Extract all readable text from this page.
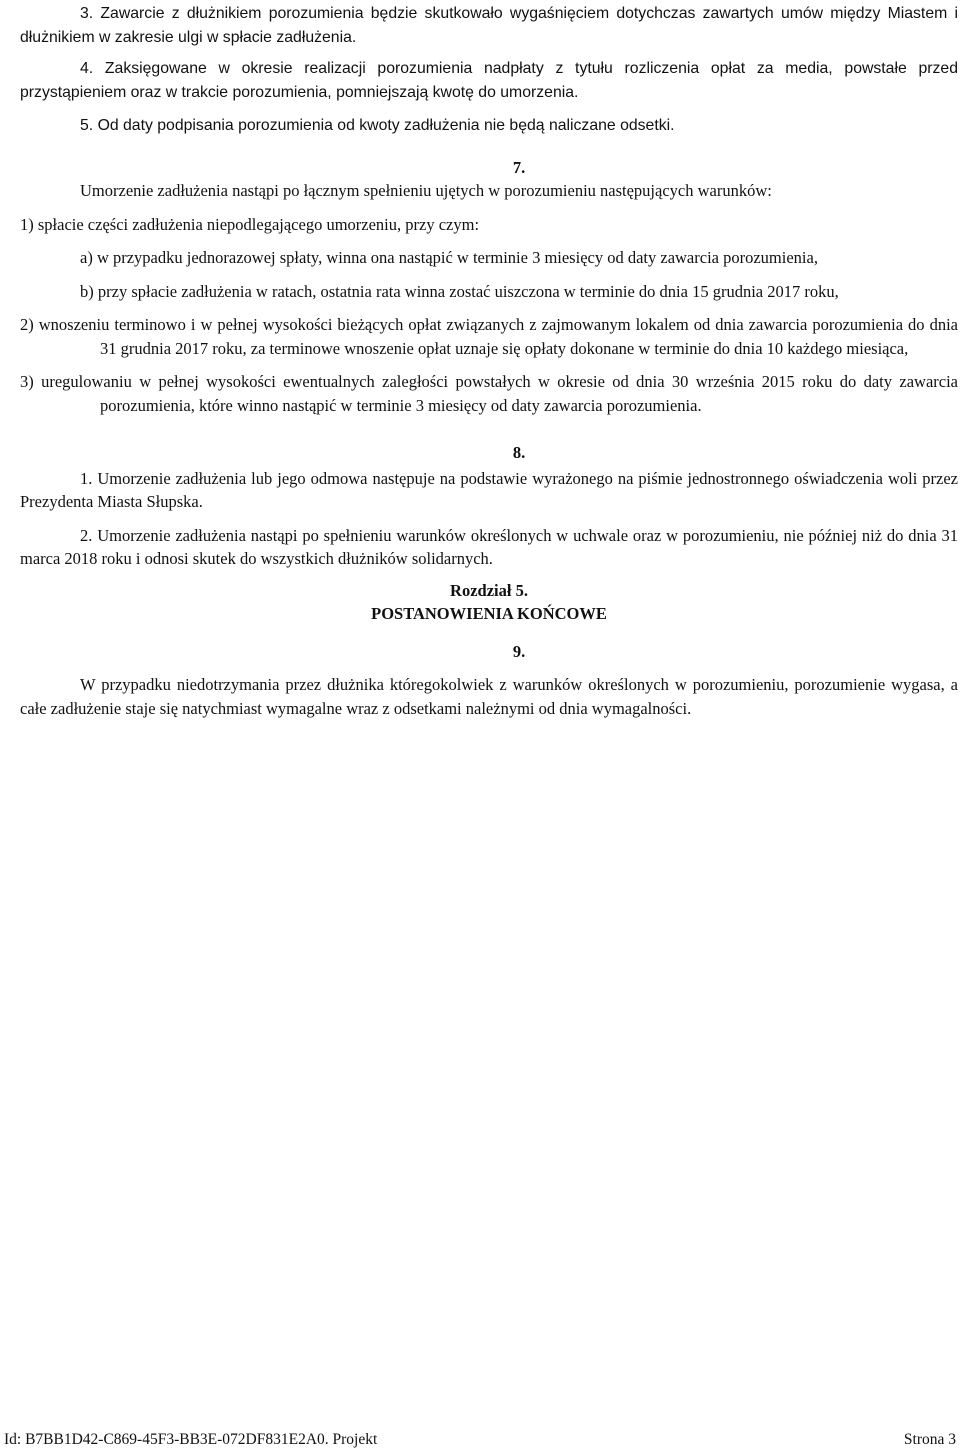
3. Zawarcie z dłużnikiem porozumienia będzie skutkowało wygaśnięciem dotychczas zawartych umów między Miastem i dłużnikiem w zakresie ulgi w spłacie zadłużenia.

4. Zaksięgowane w okresie realizacji porozumienia nadpłaty z tytułu rozliczenia opłat za media, powstałe przed przystąpieniem oraz w trakcie porozumienia, pomniejszają kwotę do umorzenia.

5. Od daty podpisania porozumienia od kwoty zadłużenia nie będą naliczane odsetki.

7.

Umorzenie zadłużenia nastąpi po łącznym spełnieniu ujętych w porozumieniu następujących warunków:

1) spłacie części zadłużenia niepodlegającego umorzeniu, przy czym:

a) w przypadku jednorazowej spłaty, winna ona nastąpić w terminie 3 miesięcy od daty zawarcia porozumienia,

b) przy spłacie zadłużenia w ratach, ostatnia rata winna zostać uiszczona w terminie do dnia 15 grudnia 2017 roku,

2) wnoszeniu terminowo i w pełnej wysokości bieżących opłat związanych z zajmowanym lokalem od dnia zawarcia porozumienia do dnia 31 grudnia 2017 roku, za terminowe wnoszenie opłat uznaje się opłaty dokonane w terminie do dnia 10 każdego miesiąca,

3) uregulowaniu w pełnej wysokości ewentualnych zaległości powstałych w okresie od dnia 30 września 2015 roku do daty zawarcia porozumienia, które winno nastąpić w terminie 3 miesięcy od daty zawarcia porozumienia.

8.

1. Umorzenie zadłużenia lub jego odmowa następuje na podstawie wyrażonego na piśmie jednostronnego oświadczenia woli przez Prezydenta Miasta Słupska.

2. Umorzenie zadłużenia nastąpi po spełnieniu warunków określonych w uchwale oraz w porozumieniu, nie później niż do dnia 31 marca 2018 roku i odnosi skutek do wszystkich dłużników solidarnych.

Rozdział 5.

POSTANOWIENIA KOŃCOWE

9.

W przypadku niedotrzymania przez dłużnika któregokolwiek z warunków określonych w porozumieniu, porozumienie wygasa, a całe zadłużenie staje się natychmiast wymagalne wraz z odsetkami należnymi od dnia wymagalności.

Id: B7BB1D42-C869-45F3-BB3E-072DF831E2A0. Projekt	Strona 3
